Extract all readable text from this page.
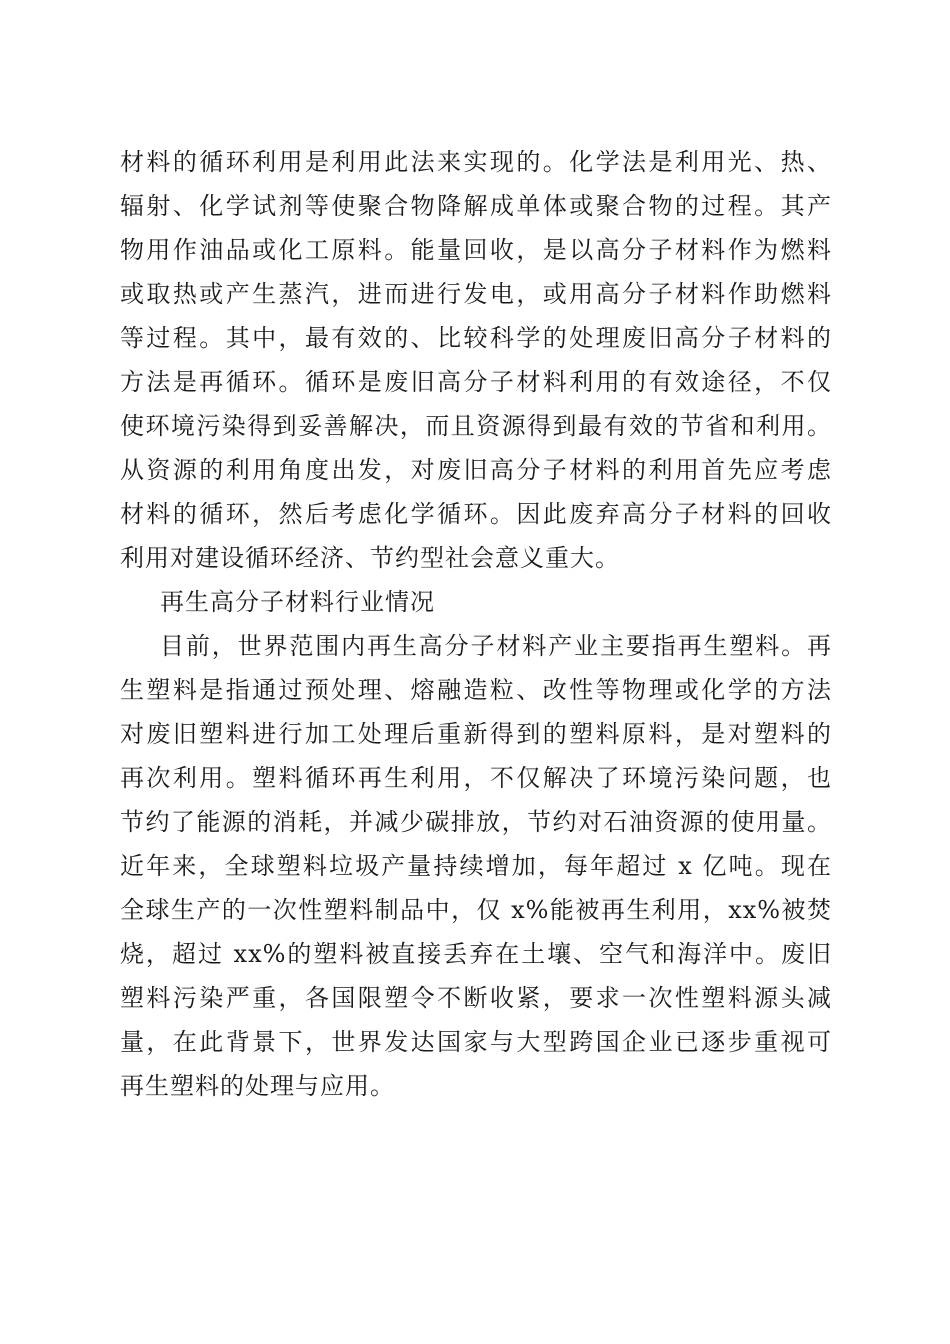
材料的循环利用是利用此法来实现的。化学法是利用光、热、
辐射、化学试剂等使聚合物降解成单体或聚合物的过程。其产
物用作油品或化工原料。能量回收，是以高分子材料作为燃料
或取热或产生蒸汽，进而进行发电，或用高分子材料作助燃料
等过程。其中，最有效的、比较科学的处理废旧高分子材料的
方法是再循环。循环是废旧高分子材料利用的有效途径，不仅
使环境污染得到妥善解决，而且资源得到最有效的节省和利用。
从资源的利用角度出发，对废旧高分子材料的利用首先应考虑
材料的循环，然后考虑化学循环。因此废弃高分子材料的回收
利用对建设循环经济、节约型社会意义重大。
再生高分子材料行业情况
目前，世界范围内再生高分子材料产业主要指再生塑料。再
生塑料是指通过预处理、熔融造粒、改性等物理或化学的方法
对废旧塑料进行加工处理后重新得到的塑料原料，是对塑料的
再次利用。塑料循环再生利用，不仅解决了环境污染问题，也
节约了能源的消耗，并减少碳排放，节约对石油资源的使用量。
近年来，全球塑料垃圾产量持续增加，每年超过 x 亿吨。现在
全球生产的一次性塑料制品中，仅 x%能被再生利用，xx%被焚
烧，超过 xx%的塑料被直接丢弃在土壤、空气和海洋中。废旧
塑料污染严重，各国限塑令不断收紧，要求一次性塑料源头减
量，在此背景下，世界发达国家与大型跨国企业已逐步重视可
再生塑料的处理与应用。
